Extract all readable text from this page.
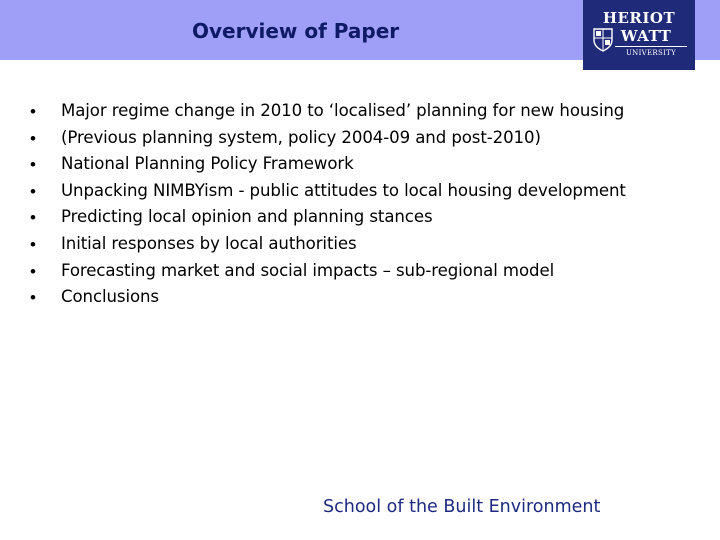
Overview of Paper
HERIOT
WATT
UNIVERSITY
• Major regime change in 2010 to ‘localised’ planning for new housing
• (Previous planning system, policy 2004-09 and post-2010)
• National Planning Policy Framework
• Unpacking NIMBYism - public attitudes to local housing development
• Predicting local opinion and planning stances
• Initial responses by local authorities
• Forecasting market and social impacts – sub-regional model
• Conclusions
School of the Built Environment
